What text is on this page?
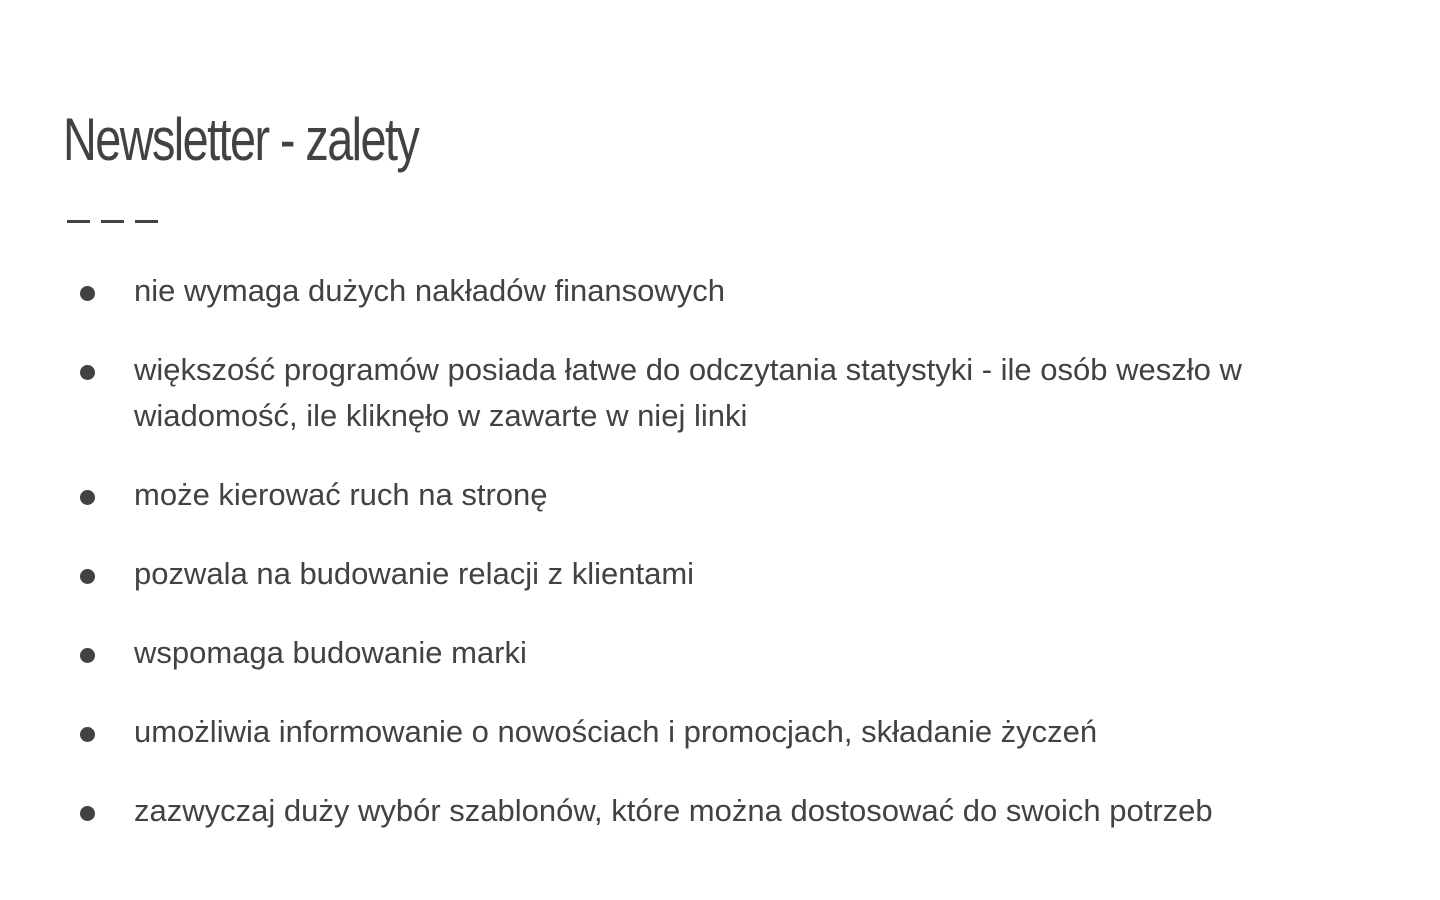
Newsletter - zalety
nie wymaga dużych nakładów finansowych
większość programów posiada łatwe do odczytania statystyki - ile osób weszło w wiadomość, ile kliknęło w zawarte w niej linki
może kierować ruch na stronę
pozwala na budowanie relacji z klientami
wspomaga budowanie marki
umożliwia informowanie o nowościach i promocjach, składanie życzeń
zazwyczaj duży wybór szablonów, które można dostosować do swoich potrzeb
